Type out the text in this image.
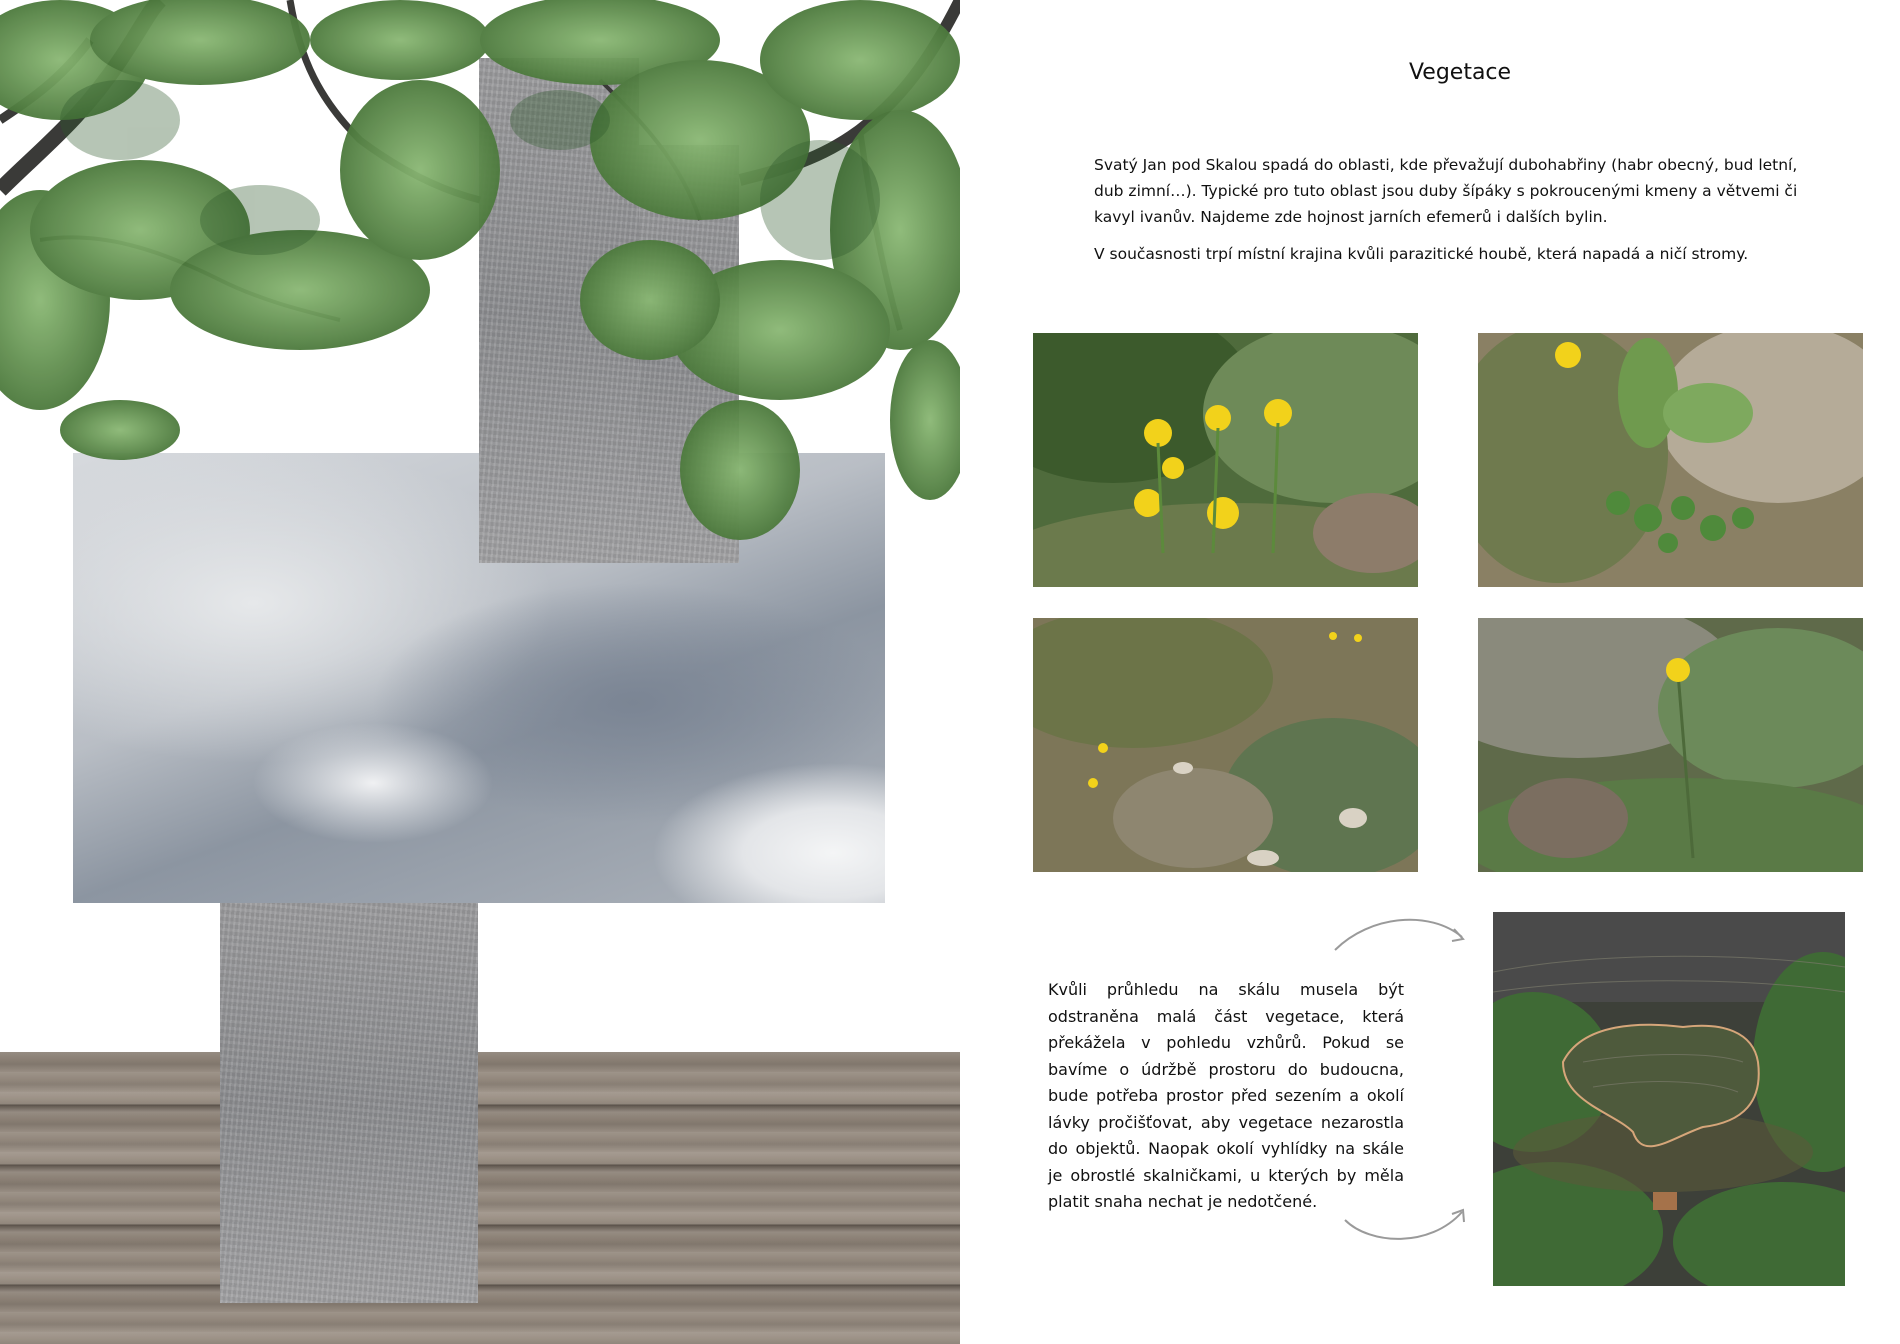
Vegetace
Svatý Jan pod Skalou spadá do oblasti, kde převažují dubohabřiny (habr obecný, bud letní, dub zimní…). Typické pro tuto oblast jsou duby šípáky s pokroucenými kmeny a větvemi či kavyl ivanův. Najdeme zde hojnost jarních efemerů i dalších bylin.
V současnosti trpí místní krajina kvůli parazitické houbě, která napadá a ničí stromy.
Kvůli průhledu na skálu musela být odstraněna malá část vegetace, která překážela v pohledu vzhůrů. Pokud se bavíme o údržbě prostoru do budoucna, bude potřeba prostor před sezením a okolí lávky pročišťovat, aby vegetace nezarostla do objektů. Naopak okolí vyhlídky na skále je obrostlé skalničkami, u kterých by měla platit snaha nechat je nedotčené.
